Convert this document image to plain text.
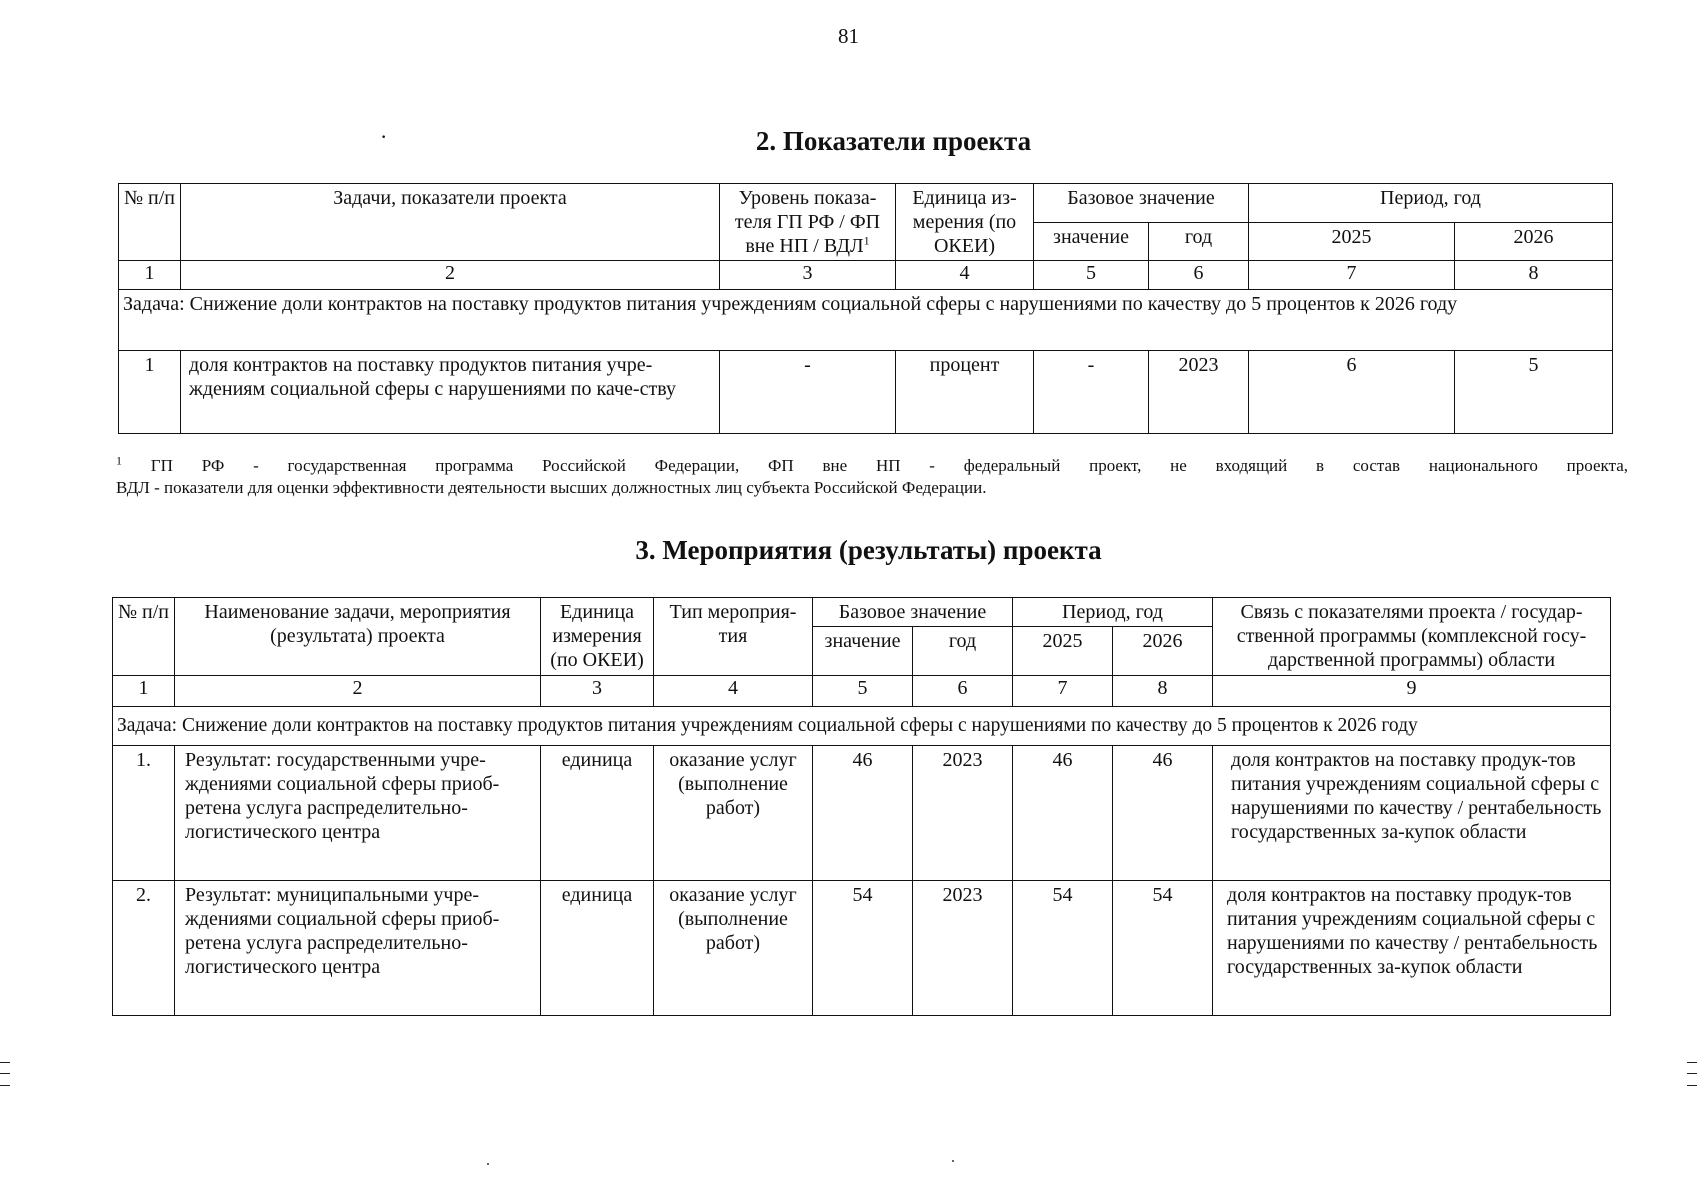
81
·	2. Показатели проекта
№ п/п	Задачи, показатели проекта	Уровень показа-теля ГП РФ / ФП вне НП / ВДЛ$^1$	Единица из-мерения (по ОКЕИ)	Базовое значение		Период, год	
				значение	год	2025	2026
1	2	3	4	5	6	7	8
Задача: Снижение доли контрактов на поставку продуктов питания учреждениям социальной сферы с нарушениями по качеству до 5 процентов к 2026 году							
1	доля контрактов на поставку продуктов питания учре-ждениям социальной сферы с нарушениями по каче-ству	-	процент	-	2023	6	5
$^1$ ГП РФ - государственная программа Российской Федерации, ФП вне НП - федеральный проект, не входящий в состав национального проекта,
ВДЛ - показатели для оценки эффективности деятельности высших должностных лиц субъекта Российской Федерации.
3. Мероприятия (результаты) проекта
№ п/п	Наименование задачи, мероприятия (результата) проекта	Единица измерения (по ОКЕИ)	Тип мероприя-тия	Базовое значение		Период, год		Связь с показателями проекта / государ-ственной программы (комплексной госу-дарственной программы) области
				значение	год	2025	2026	
1	2	3	4	5	6	7	8	9
Задача: Снижение доли контрактов на поставку продуктов питания учреждениям социальной сферы с нарушениями по качеству до 5 процентов к 2026 году								
1.	Результат: государственными учре-ждениями социальной сферы приоб-ретена услуга распределительно-логистического центра	единица	оказание услуг (выполнение работ)	46	2023	46	46	доля контрактов на поставку продук-тов питания учреждениям социальной сферы с нарушениями по качеству / рентабельность государственных за-купок области
2.	Результат: муниципальными учре-ждениями социальной сферы приоб-ретена услуга распределительно-логистического центра	единица	оказание услуг (выполнение работ)	54	2023	54	54	доля контрактов на поставку продук-тов питания учреждениям социальной сферы с нарушениями по качеству / рентабельность государственных за-купок области
